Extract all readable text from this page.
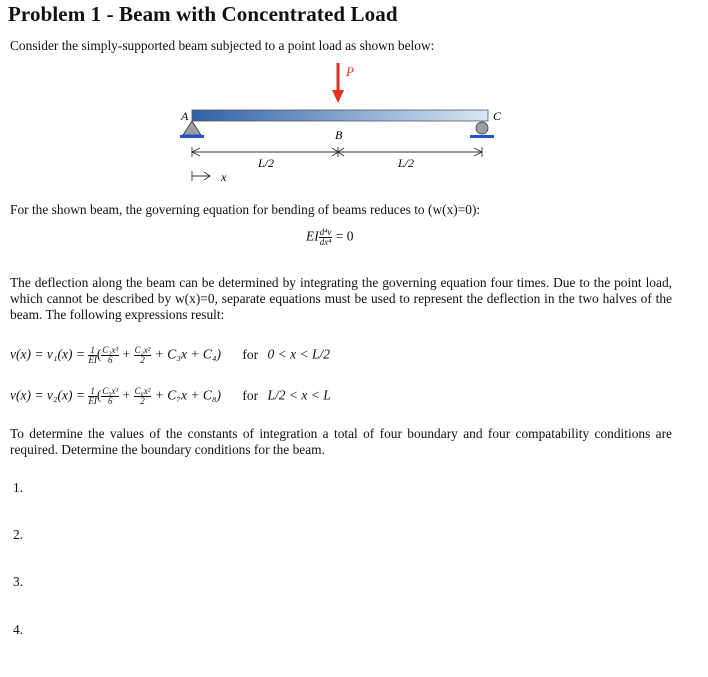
Problem 1 - Beam with Concentrated Load
Consider the simply-supported beam subjected to a point load as shown below:
P
A	C
B
L/2	L/2
x
For the shown beam, the governing equation for bending of beams reduces to (w(x)=0):
EI $\frac{\text{d⁴ν}}{\text{dx⁴}} = 0$
The deflection along the beam can be determined by integrating the governing equation four times. Due to the point load, which cannot be described by w(x)=0, separate equations must be used to represent the deflection in the two halves of the beam. The following expressions result:
$\nu(x) = \nu_1(x) = \frac{1}{EI}$ ( $\frac{\text{C₁x³}}{6} + \frac{\text{C₂x²}}{2} + C_3x + C_4$) for 0 < x < L/2
$\nu(x) = \nu_2(x) = \frac{1}{EI}$ ( $\frac{\text{C₅x³}}{6} + \frac{\text{C₆x²}}{2} + C_7x + C_8$) for L/2 < x < L
To determine the values of the constants of integration a total of four boundary and four compatability conditions are required. Determine the boundary conditions for the beam.
1.
2.
3.
4.
